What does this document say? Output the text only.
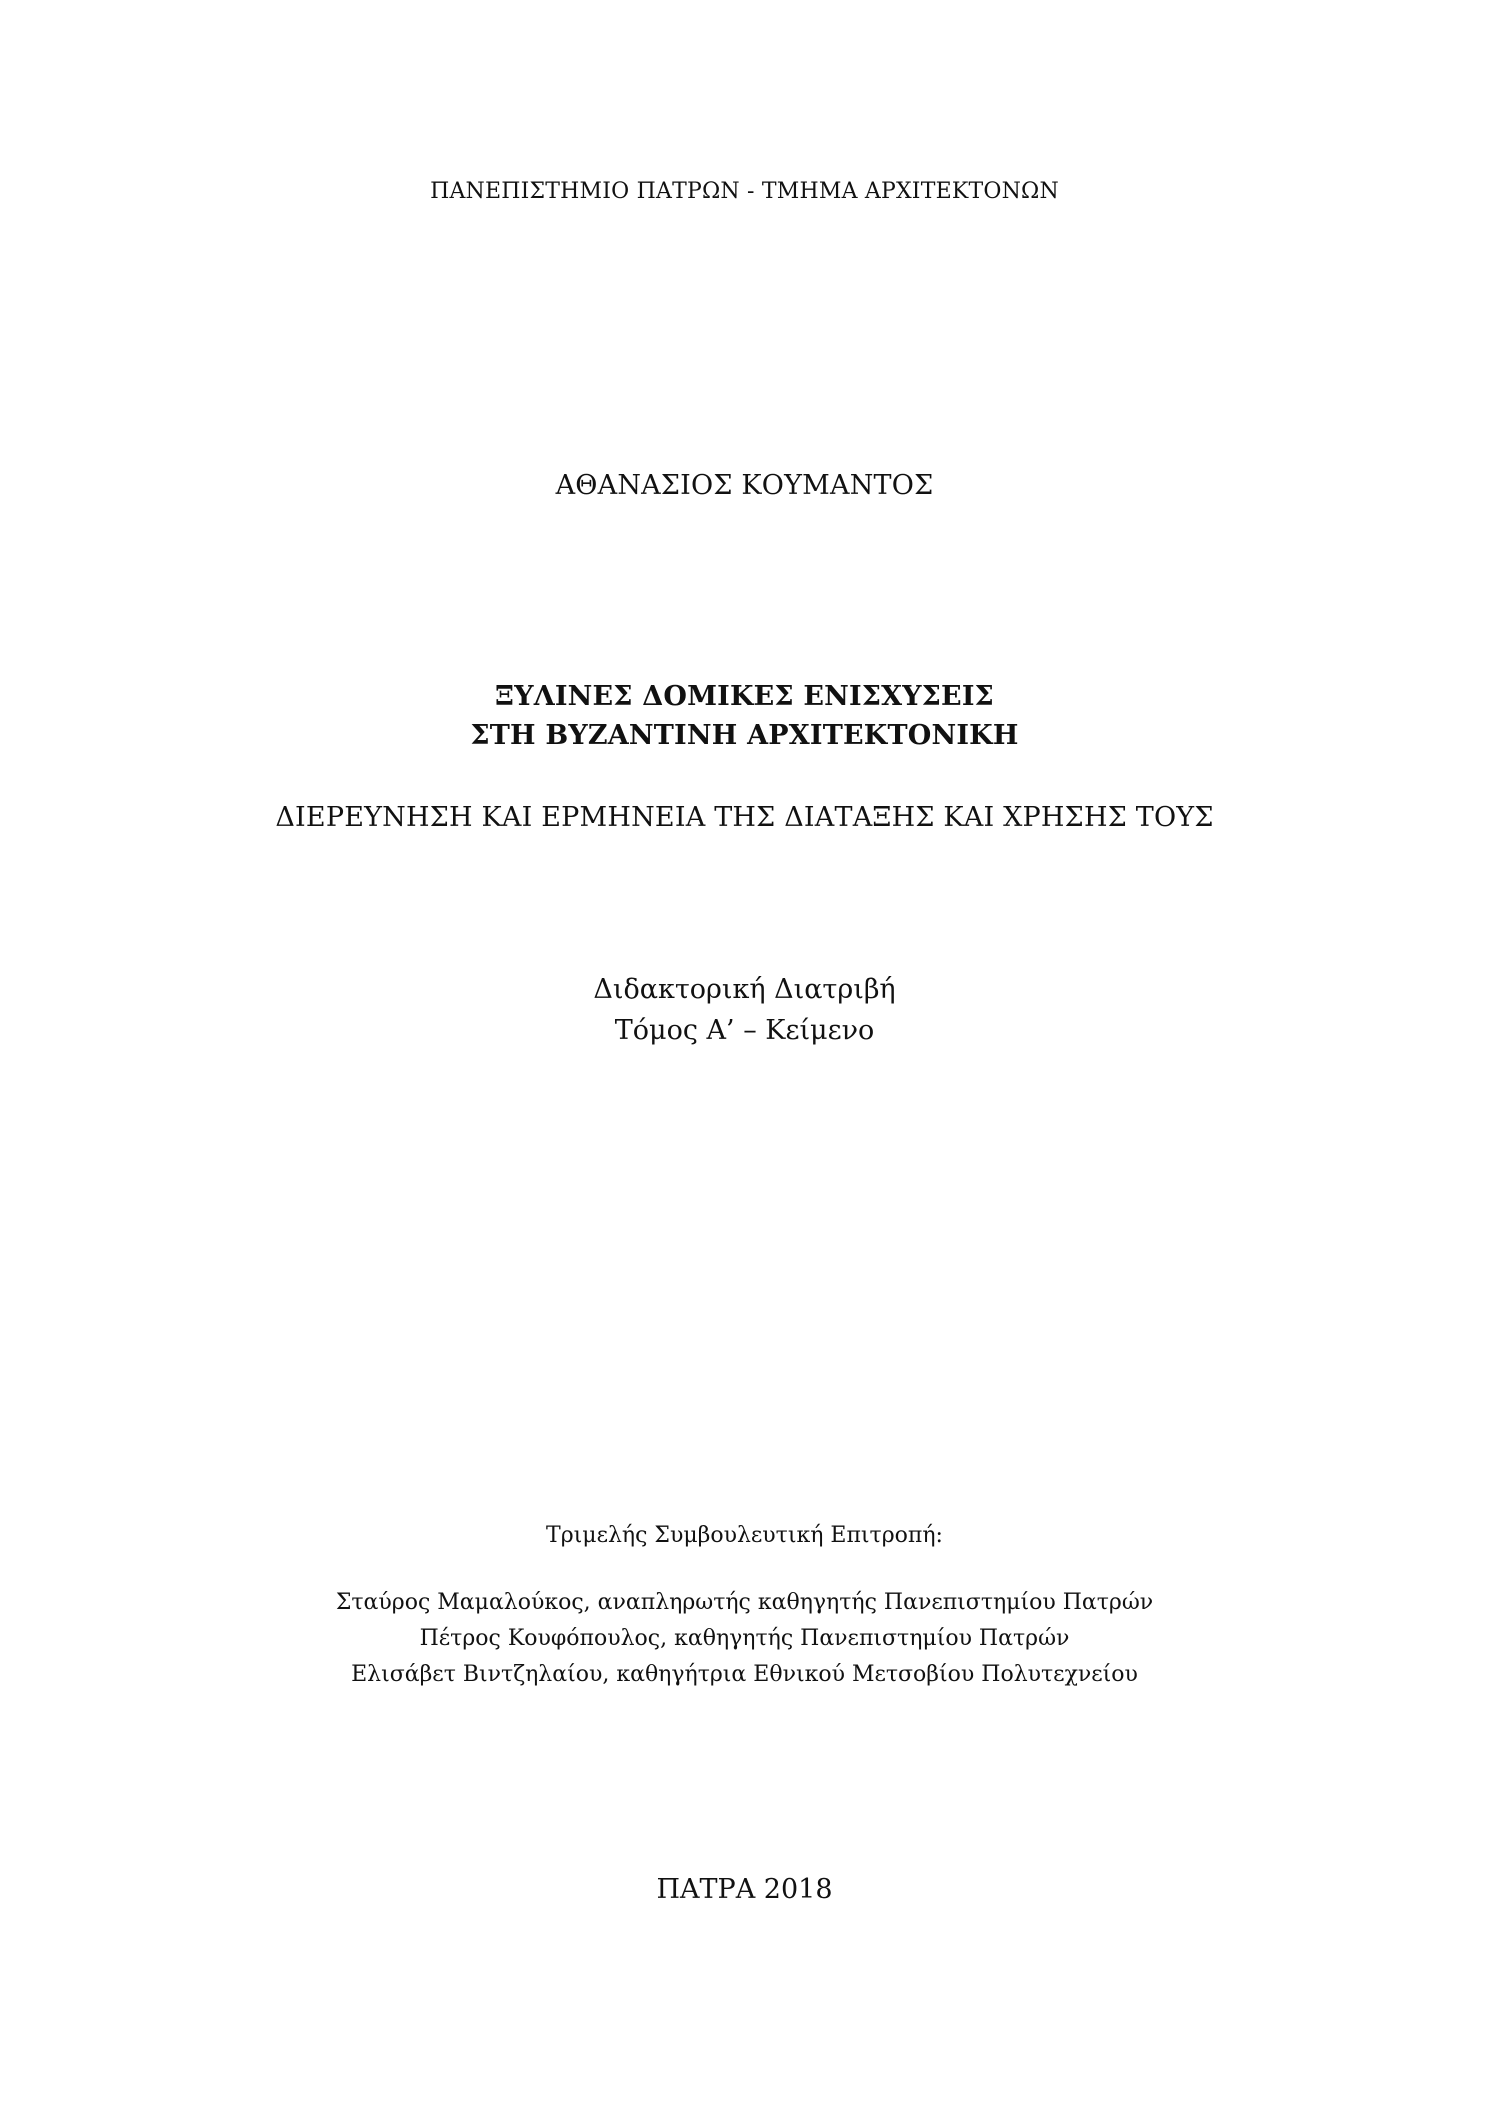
ΠΑΝΕΠΙΣΤΗΜΙΟ ΠΑΤΡΩΝ - ΤΜΗΜΑ ΑΡΧΙΤΕΚΤΟΝΩΝ

ΑΘΑΝΑΣΙΟΣ ΚΟΥΜΑΝΤΟΣ

ΞΥΛΙΝΕΣ ΔΟΜΙΚΕΣ ΕΝΙΣΧΥΣΕΙΣ

ΣΤΗ ΒΥΖΑΝΤΙΝΗ ΑΡΧΙΤΕΚΤΟΝΙΚΗ

ΔΙΕΡΕΥΝΗΣΗ ΚΑΙ ΕΡΜΗΝΕΙΑ ΤΗΣ ΔΙΑΤΑΞΗΣ ΚΑΙ ΧΡΗΣΗΣ ΤΟΥΣ

Διδακτορική Διατριβή

Τόμος Α’ – Κείμενο

Τριμελής Συμβουλευτική Επιτροπή:

Σταύρος Μαμαλούκος, αναπληρωτής καθηγητής Πανεπιστημίου Πατρών

Πέτρος Κουφόπουλος, καθηγητής Πανεπιστημίου Πατρών

Ελισάβετ Βιντζηλαίου, καθηγήτρια Εθνικού Μετσοβίου Πολυτεχνείου

ΠΑΤΡΑ 2018
